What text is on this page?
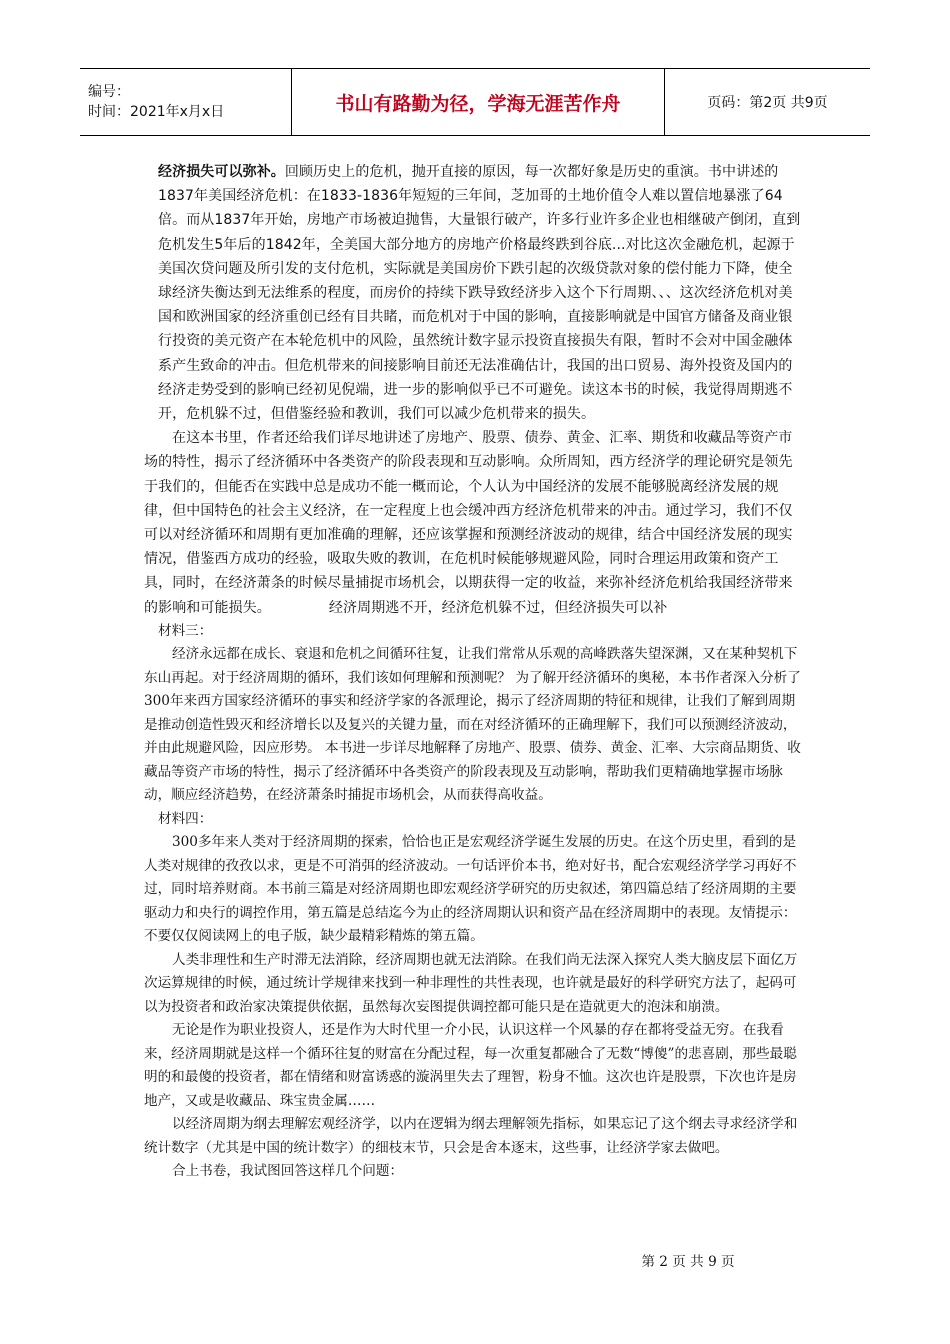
编号：
时间：2021年x月x日	书山有路勤为径，学海无涯苦作舟	页码：第2页 共9页

经济损失可以弥补。回顾历史上的危机，抛开直接的原因，每一次都好象是历史的重演。书中讲述的1837年美国经济危机：在1833-1836年短短的三年间，芝加哥的土地价值令人难以置信地暴涨了64倍。而从1837年开始，房地产市场被迫抛售，大量银行破产，许多行业许多企业也相继破产倒闭，直到危机发生5年后的1842年，全美国大部分地方的房地产价格最终跌到谷底...对比这次金融危机，起源于美国次贷问题及所引发的支付危机，实际就是美国房价下跌引起的次级贷款对象的偿付能力下降，使全球经济失衡达到无法维系的程度，而房价的持续下跌导致经济步入这个下行周期、、、这次经济危机对美国和欧洲国家的经济重创已经有目共睹，而危机对于中国的影响，直接影响就是中国官方储备及商业银行投资的美元资产在本轮危机中的风险，虽然统计数字显示投资直接损失有限，暂时不会对中国金融体系产生致命的冲击。但危机带来的间接影响目前还无法准确估计，我国的出口贸易、海外投资及国内的经济走势受到的影响已经初见倪端，进一步的影响似乎已不可避免。读这本书的时候，我觉得周期逃不开，危机躲不过，但借鉴经验和教训，我们可以减少危机带来的损失。

在这本书里，作者还给我们详尽地讲述了房地产、股票、债券、黄金、汇率、期货和收藏品等资产市场的特性，揭示了经济循环中各类资产的阶段表现和互动影响。众所周知，西方经济学的理论研究是领先于我们的，但能否在实践中总是成功不能一概而论，个人认为中国经济的发展不能够脱离经济发展的规律，但中国特色的社会主义经济，在一定程度上也会缓冲西方经济危机带来的冲击。通过学习，我们不仅可以对经济循环和周期有更加准确的理解，还应该掌握和预测经济波动的规律，结合中国经济发展的现实情况，借鉴西方成功的经验，吸取失败的教训，在危机时候能够规避风险，同时合理运用政策和资产工具，同时，在经济萧条的时候尽量捕捉市场机会，以期获得一定的收益，来弥补经济危机给我国经济带来的影响和可能损失。	经济周期逃不开，经济危机躲不过，但经济损失可以补

材料三：

经济永远都在成长、衰退和危机之间循环往复，让我们常常从乐观的高峰跌落失望深渊，又在某种契机下东山再起。对于经济周期的循环，我们该如何理解和预测呢？ 为了解开经济循环的奥秘，本书作者深入分析了300年来西方国家经济循环的事实和经济学家的各派理论，揭示了经济周期的特征和规律，让我们了解到周期是推动创造性毁灭和经济增长以及复兴的关键力量，而在对经济循环的正确理解下，我们可以预测经济波动，并由此规避风险，因应形势。 本书进一步详尽地解释了房地产、股票、债券、黄金、汇率、大宗商品期货、收藏品等资产市场的特性，揭示了经济循环中各类资产的阶段表现及互动影响，帮助我们更精确地掌握市场脉动，顺应经济趋势，在经济萧条时捕捉市场机会，从而获得高收益。

材料四：

300多年来人类对于经济周期的探索，恰恰也正是宏观经济学诞生发展的历史。在这个历史里，看到的是人类对规律的孜孜以求，更是不可消弭的经济波动。一句话评价本书，绝对好书，配合宏观经济学学习再好不过，同时培养财商。本书前三篇是对经济周期也即宏观经济学研究的历史叙述，第四篇总结了经济周期的主要驱动力和央行的调控作用，第五篇是总结迄今为止的经济周期认识和资产品在经济周期中的表现。友情提示：不要仅仅阅读网上的电子版，缺少最精彩精炼的第五篇。

人类非理性和生产时滞无法消除，经济周期也就无法消除。在我们尚无法深入探究人类大脑皮层下面亿万次运算规律的时候，通过统计学规律来找到一种非理性的共性表现，也许就是最好的科学研究方法了，起码可以为投资者和政治家决策提供依据，虽然每次妄图提供调控都可能只是在造就更大的泡沫和崩溃。

无论是作为职业投资人，还是作为大时代里一介小民，认识这样一个风暴的存在都将受益无穷。在我看来，经济周期就是这样一个循环往复的财富在分配过程，每一次重复都融合了无数“博傻”的悲喜剧，那些最聪明的和最傻的投资者，都在情绪和财富诱惑的漩涡里失去了理智，粉身不恤。这次也许是股票，下次也许是房地产，又或是收藏品、珠宝贵金属……

以经济周期为纲去理解宏观经济学，以内在逻辑为纲去理解领先指标，如果忘记了这个纲去寻求经济学和统计数字（尤其是中国的统计数字）的细枝末节，只会是舍本逐末，这些事，让经济学家去做吧。

合上书卷，我试图回答这样几个问题：

第 2 页 共 9 页
